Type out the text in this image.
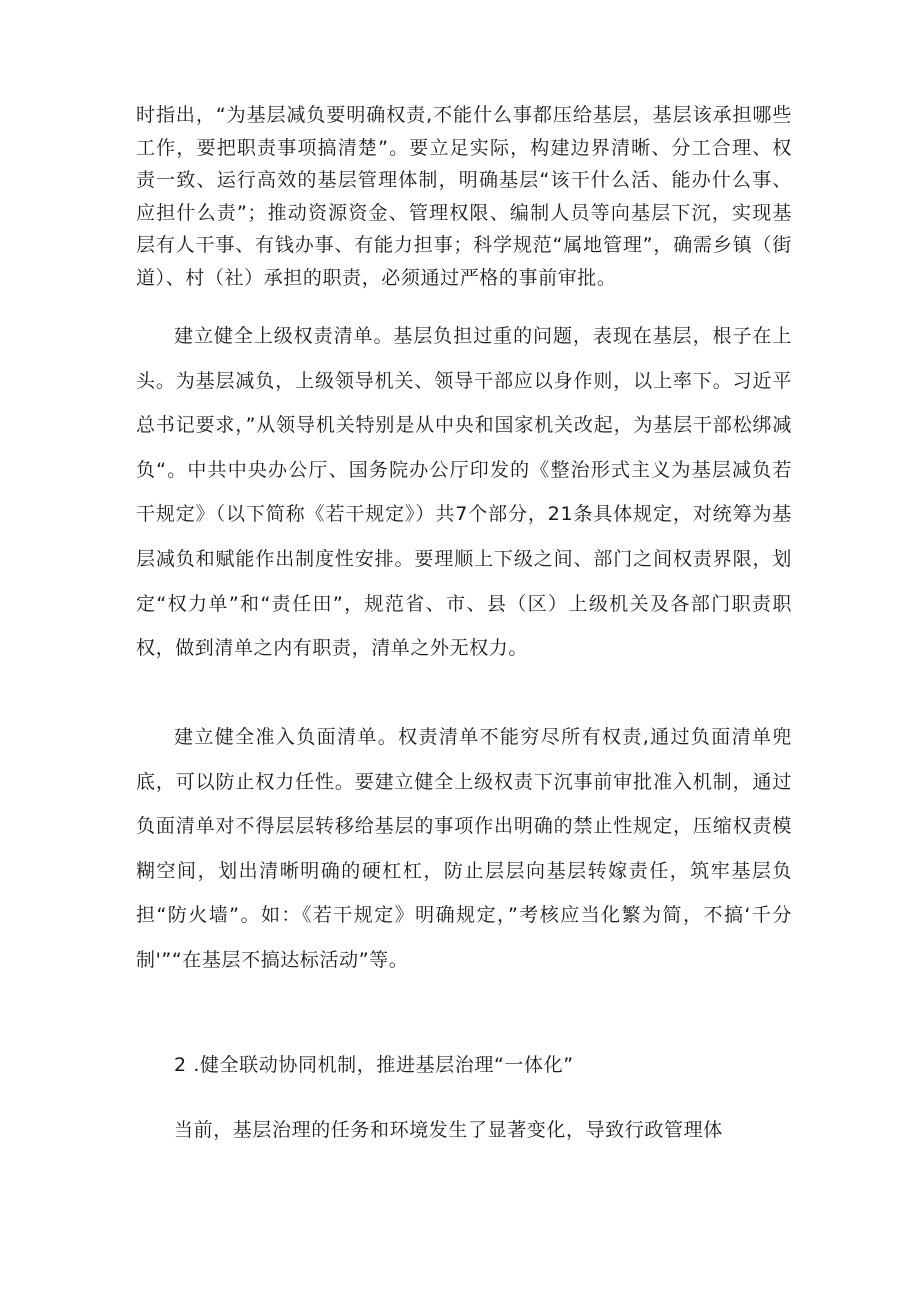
时指出，“为基层减负要明确权责,不能什么事都压给基层，基层该承担哪些工作，要把职责事项搞清楚”。要立足实际，构建边界清晰、分工合理、权责一致、运行高效的基层管理体制，明确基层“该干什么活、能办什么事、应担什么责”；推动资源资金、管理权限、编制人员等向基层下沉，实现基层有人干事、有钱办事、有能力担事；科学规范“属地管理”，确需乡镇（街道）、村（社）承担的职责，必须通过严格的事前审批。

建立健全上级权责清单。基层负担过重的问题，表现在基层，根子在上头。为基层减负，上级领导机关、领导干部应以身作则，以上率下。习近平总书记要求，”从领导机关特别是从中央和国家机关改起，为基层干部松绑减负“。中共中央办公厅、国务院办公厅印发的《整治形式主义为基层减负若干规定》（以下简称《若干规定》）共7个部分，21条具体规定，对统筹为基层减负和赋能作出制度性安排。要理顺上下级之间、部门之间权责界限，划定“权力单”和“责任田”，规范省、市、县（区）上级机关及各部门职责职权，做到清单之内有职责，清单之外无权力。

建立健全准入负面清单。权责清单不能穷尽所有权责,通过负面清单兜底，可以防止权力任性。要建立健全上级权责下沉事前审批准入机制，通过负面清单对不得层层转移给基层的事项作出明确的禁止性规定，压缩权责模糊空间，划出清晰明确的硬杠杠，防止层层向基层转嫁责任，筑牢基层负担“防火墙”。如：《若干规定》明确规定，”考核应当化繁为简，不搞‘千分制'”“在基层不搞达标活动”等。

2 .健全联动协同机制，推进基层治理“一体化”

当前，基层治理的任务和环境发生了显著变化，导致行政管理体
